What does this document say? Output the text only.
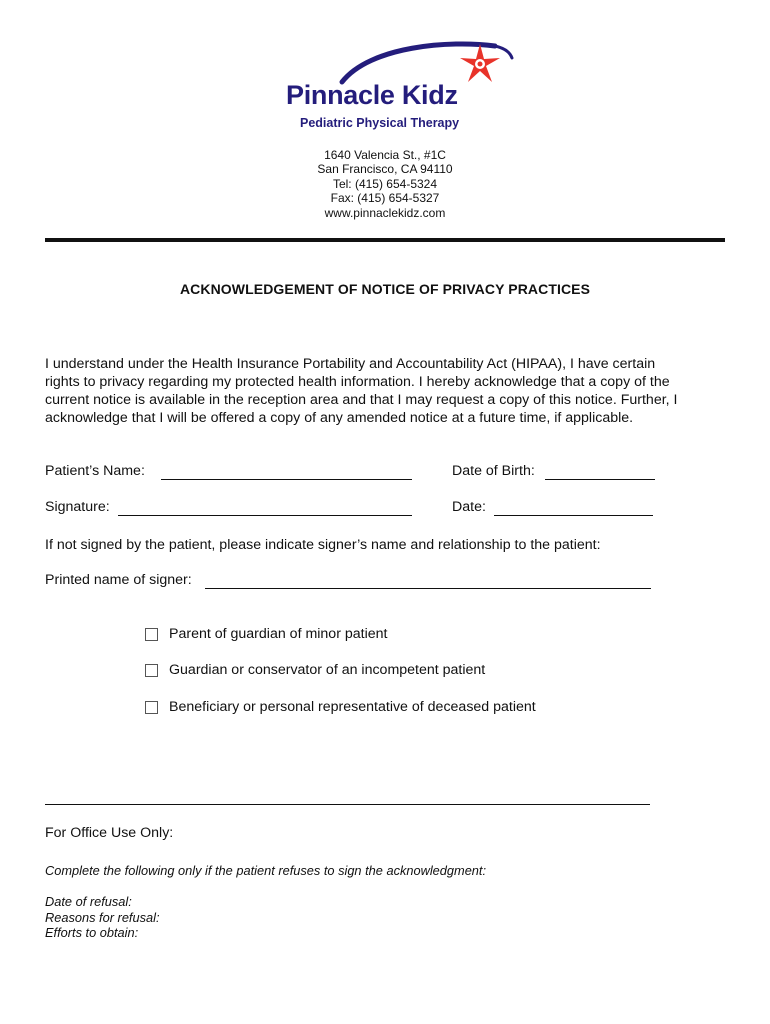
Pinnacle Kidz
Pediatric Physical Therapy
1640 Valencia St., #1C
San Francisco, CA 94110
Tel: (415) 654-5324
Fax: (415) 654-5327
www.pinnaclekidz.com
ACKNOWLEDGEMENT OF NOTICE OF PRIVACY PRACTICES
I understand under the Health Insurance Portability and Accountability Act (HIPAA), I have certain
rights to privacy regarding my protected health information. I hereby acknowledge that a copy of the
current notice is available in the reception area and that I may request a copy of this notice. Further, I
acknowledge that I will be offered a copy of any amended notice at a future time, if applicable.
Patient’s Name:	Date of Birth:
Signature:	Date:
If not signed by the patient, please indicate signer’s name and relationship to the patient:
Printed name of signer:
Parent of guardian of minor patient
Guardian or conservator of an incompetent patient
Beneficiary or personal representative of deceased patient
For Office Use Only:
Complete the following only if the patient refuses to sign the acknowledgment:
Date of refusal:
Reasons for refusal:
Efforts to obtain:
